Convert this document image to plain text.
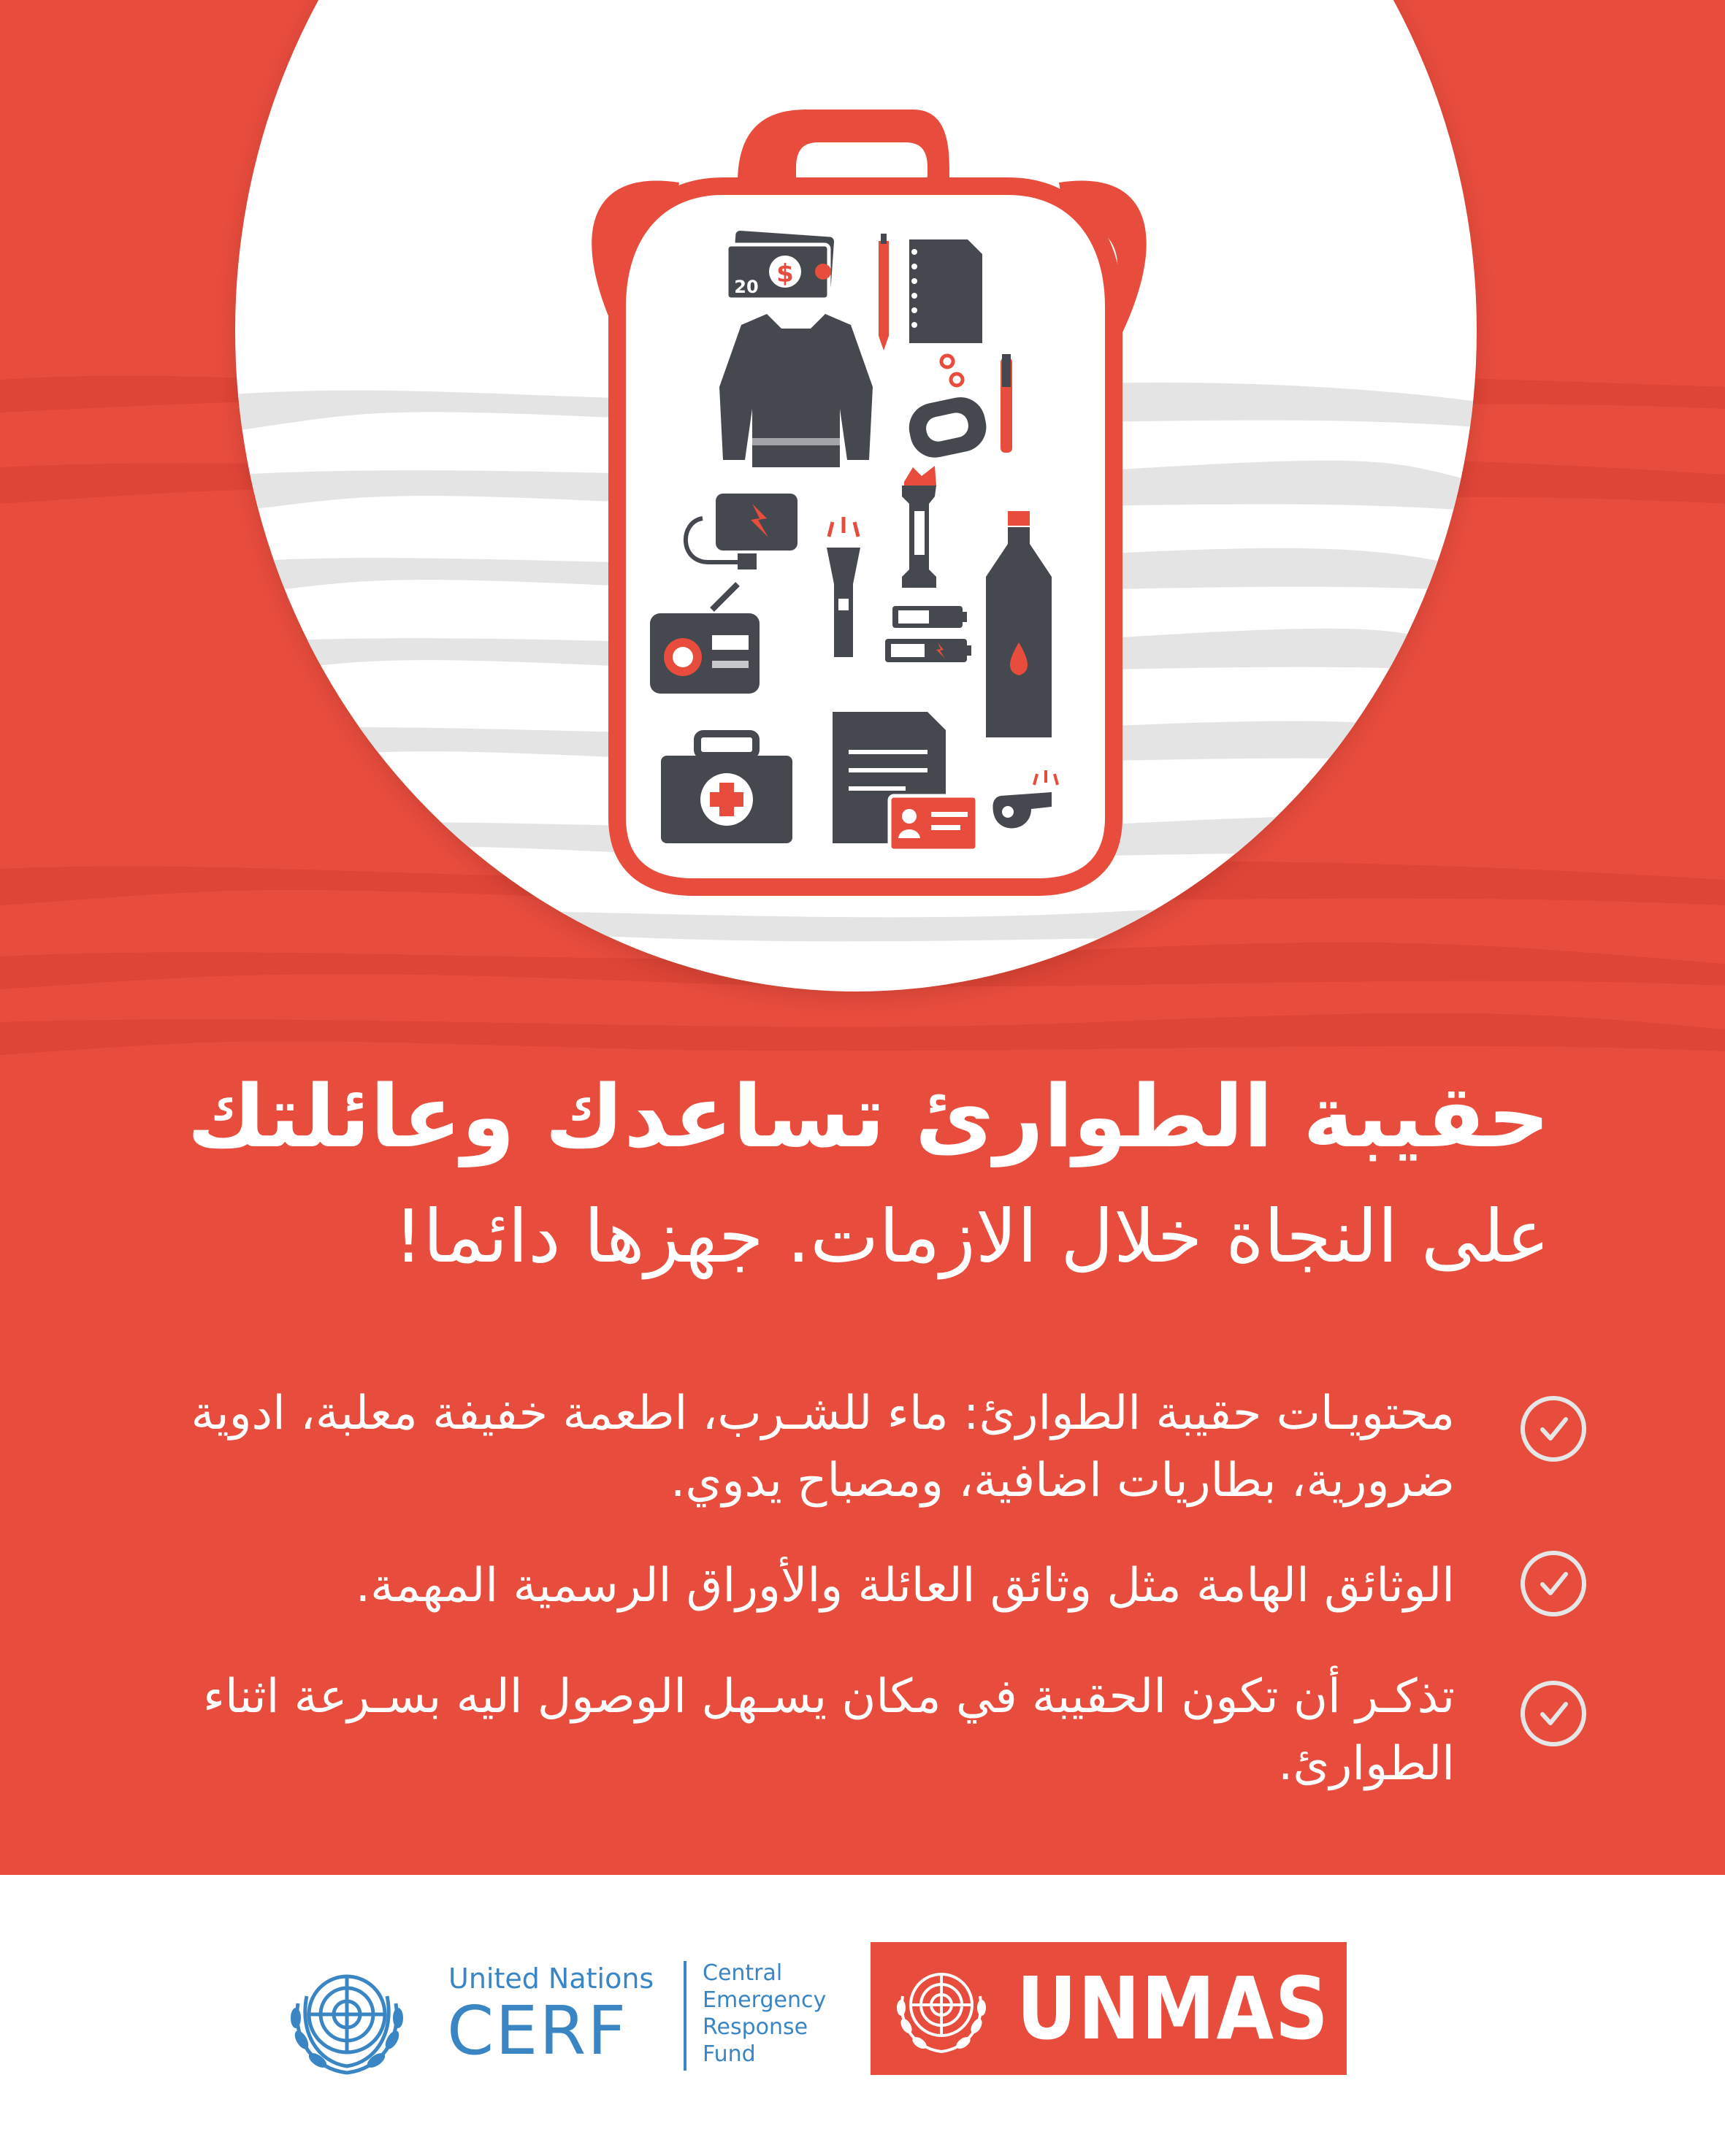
$
20
حقيبة الطوارئ تساعدك وعائلتك
على النجاة خلال الازمات. جهزها دائما!
محتويـات حقيبة الطوارئ: ماء للشـرب، اطعمة خفيفة معلبة، ادوية ضرورية، بطاريات اضافية، ومصباح يدوي.
الوثائق الهامة مثل وثائق العائلة والأوراق الرسمية المهمة.
تذكـر أن تكون الحقيبة في مكان يسـهل الوصول اليه بسـرعة اثناء الطوارئ.
United Nations
CERF
Central
Emergency
Response
Fund	UNMAS
